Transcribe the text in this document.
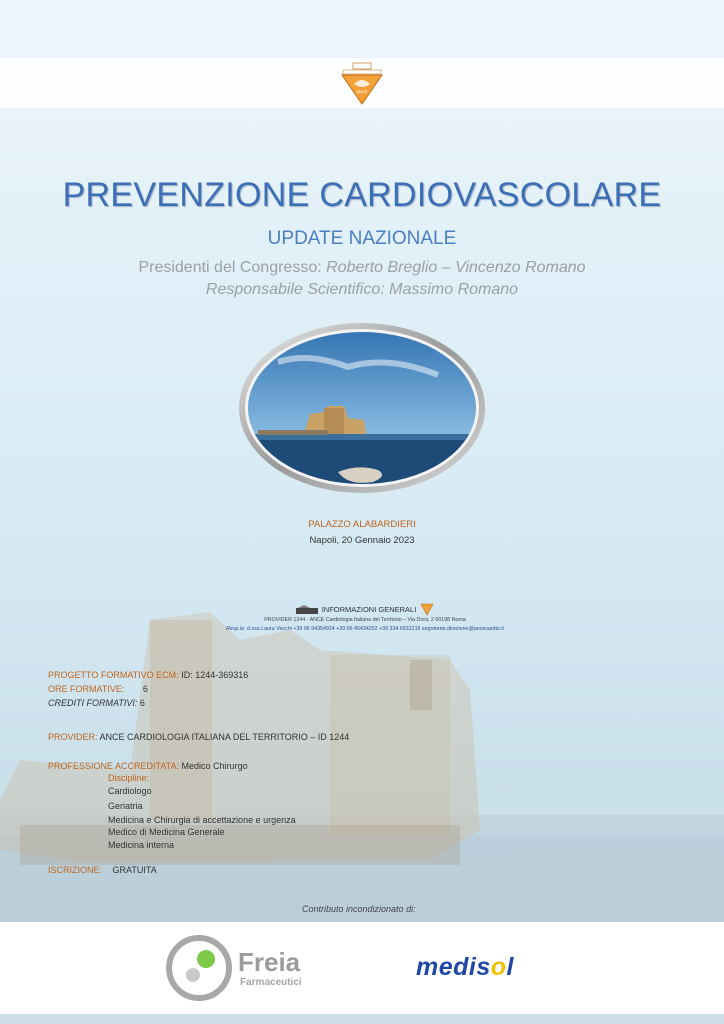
ANCE
PREVENZIONE CARDIOVASCOLARE
UPDATE NAZIONALE
Presidenti del Congresso: Roberto Breglio – Vincenzo Romano
Responsabile Scientifico: Massimo Romano
PALAZZO ALABARDIERI
Napoli, 20 Gennaio 2023
INFORMAZIONI GENERALI
PROVIDER 1244 - ANCE Cardiologia Italiana del Territorio – Via Dora, 2 00198 Roma
Resp.le: d.ssa Laura Vecchi +39 06 94354924 +39 06 45434252 +39 334.6931216 segreteria.direzione@ancecardio.it
PROGETTO FORMATIVO ECM: ID: 1244-369316
ORE FORMATIVE: 6
CREDITI FORMATIVI: 6
PROVIDER: ANCE CARDIOLOGIA ITALIANA DEL TERRITORIO – ID 1244
PROFESSIONE ACCREDITATA: Medico Chirurgo
Discipline:
Cardiologo
Geriatria
Medicina e Chirurgia di accettazione e urgenza
Medico di Medicina Generale
Medicina interna
ISCRIZIONE: GRATUITA
Contributo incondizionato di:
Freia
Farmaceutici
medisol
